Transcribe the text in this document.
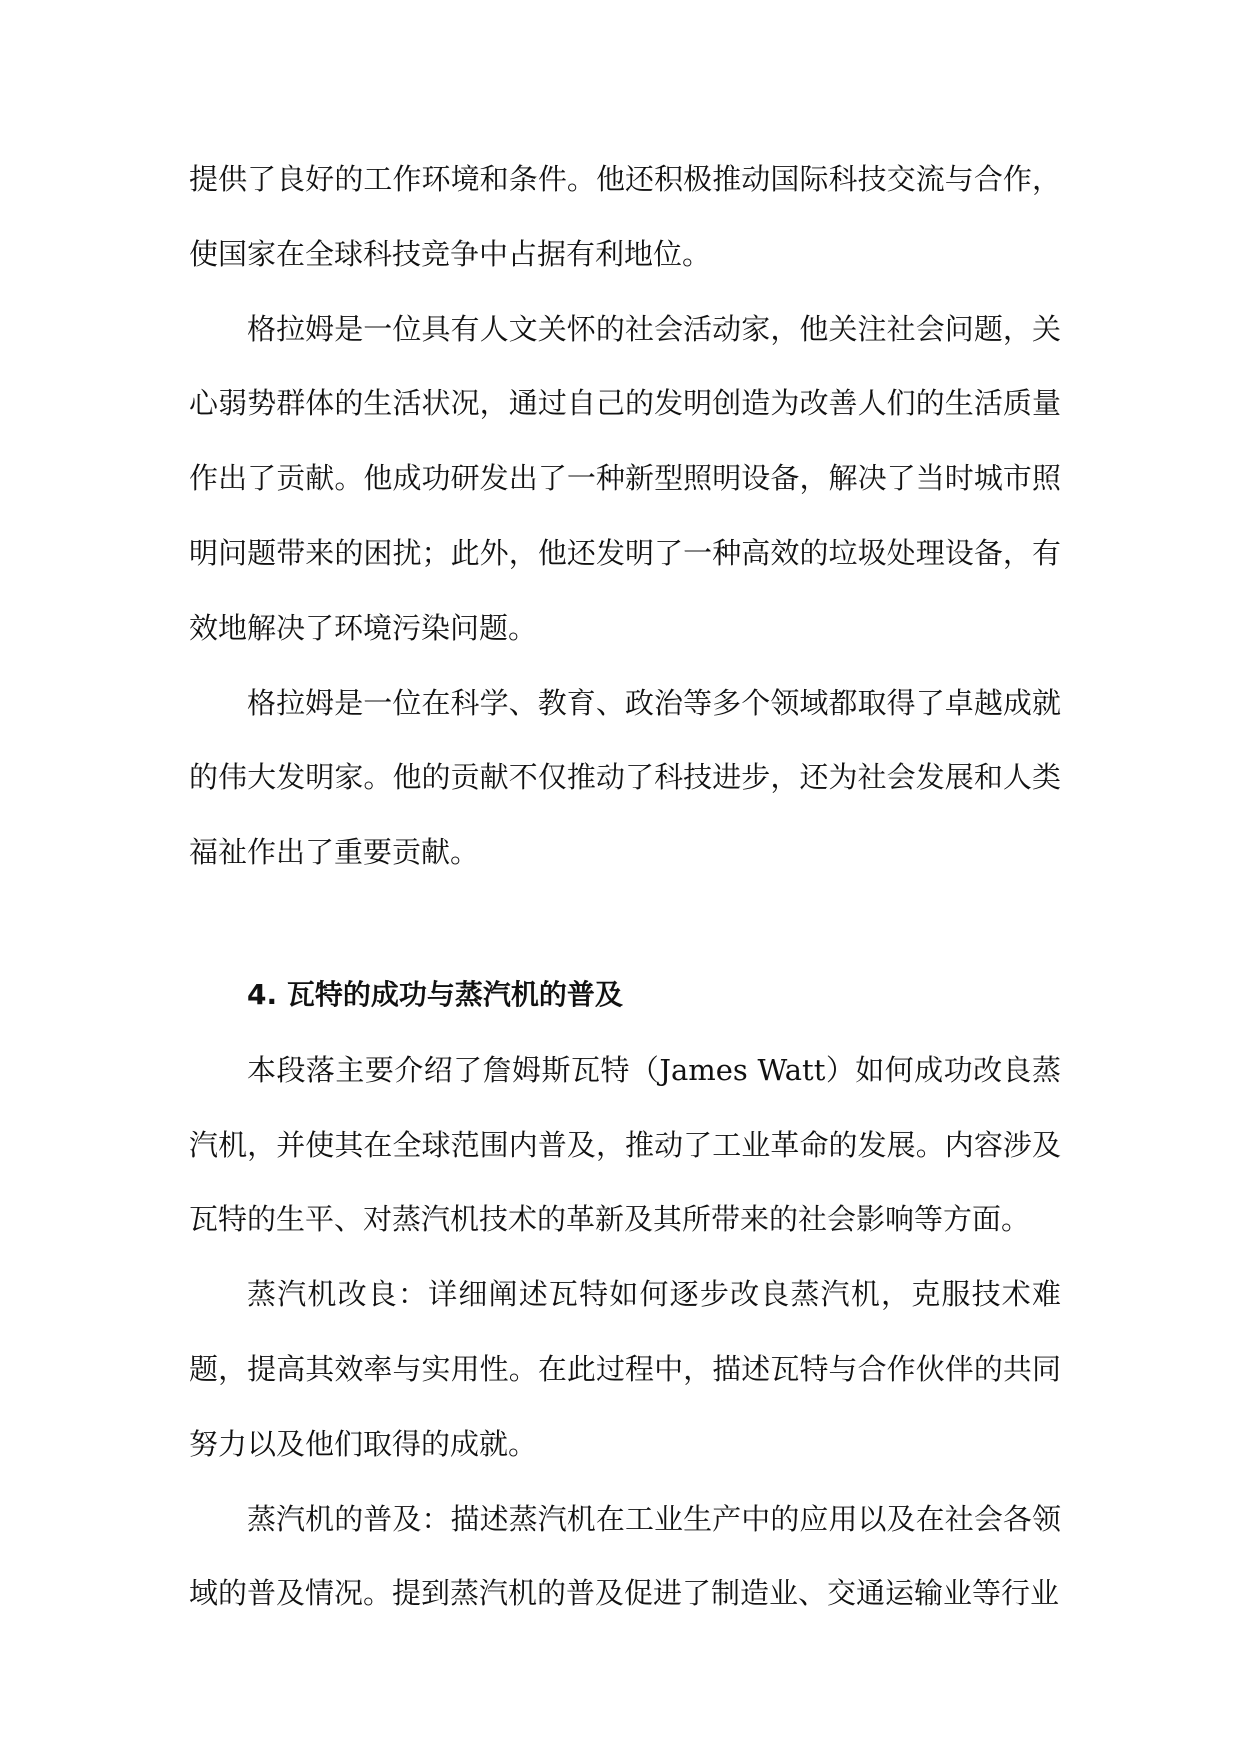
提供了良好的工作环境和条件。他还积极推动国际科技交流与合作，使国家在全球科技竞争中占据有利地位。

格拉姆是一位具有人文关怀的社会活动家，他关注社会问题，关心弱势群体的生活状况，通过自己的发明创造为改善人们的生活质量作出了贡献。他成功研发出了一种新型照明设备，解决了当时城市照明问题带来的困扰；此外，他还发明了一种高效的垃圾处理设备，有效地解决了环境污染问题。

格拉姆是一位在科学、教育、政治等多个领域都取得了卓越成就的伟大发明家。他的贡献不仅推动了科技进步，还为社会发展和人类福祉作出了重要贡献。

4. 瓦特的成功与蒸汽机的普及

本段落主要介绍了詹姆斯瓦特（James Watt）如何成功改良蒸汽机，并使其在全球范围内普及，推动了工业革命的发展。内容涉及瓦特的生平、对蒸汽机技术的革新及其所带来的社会影响等方面。

蒸汽机改良：详细阐述瓦特如何逐步改良蒸汽机，克服技术难题，提高其效率与实用性。在此过程中，描述瓦特与合作伙伴的共同努力以及他们取得的成就。

蒸汽机的普及：描述蒸汽机在工业生产中的应用以及在社会各领域的普及情况。提到蒸汽机的普及促进了制造业、交通运输业等行业
